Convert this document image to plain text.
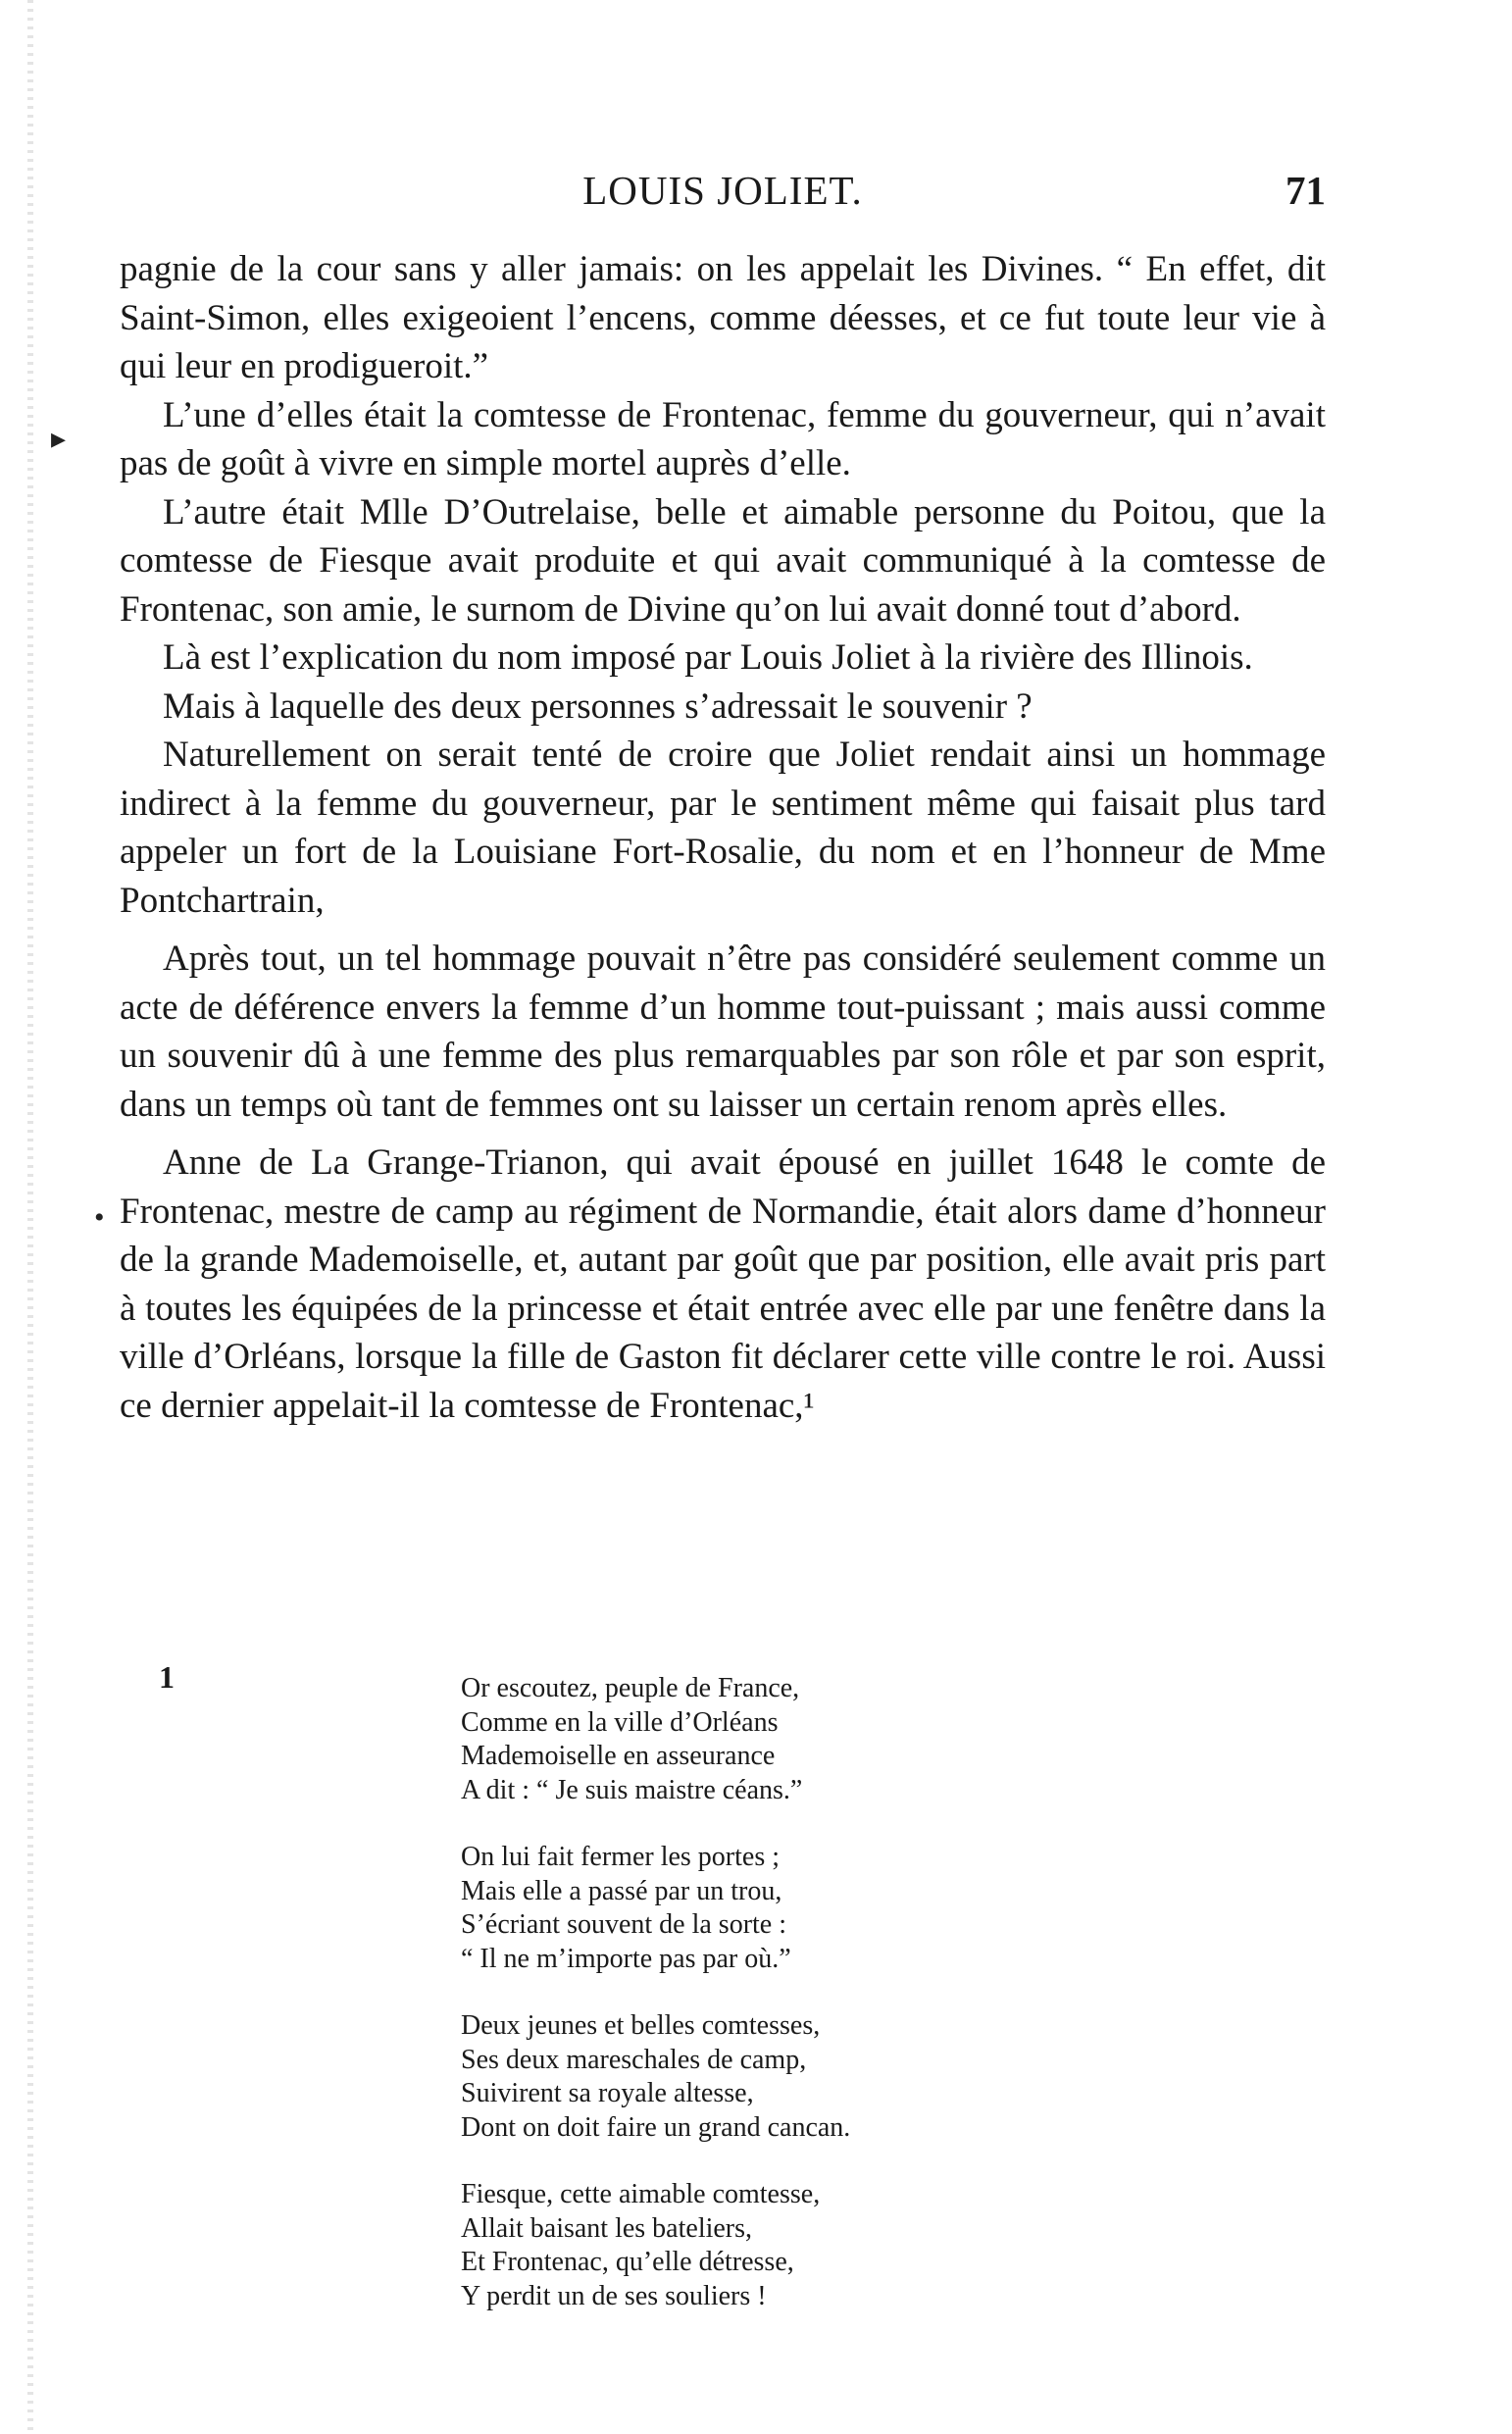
LOUIS JOLIET.	71

pagnie de la cour sans y aller jamais: on les appelait les Divines. “ En effet, dit Saint-Simon, elles exigeoient l’encens, comme déesses, et ce fut toute leur vie à qui leur en prodigueroit.”

L’une d’elles était la comtesse de Frontenac, femme du gouverneur, qui n’avait pas de goût à vivre en simple mortel auprès d’elle.

L’autre était Mlle D’Outrelaise, belle et aimable personne du Poitou, que la comtesse de Fiesque avait produite et qui avait communiqué à la comtesse de Frontenac, son amie, le surnom de Divine qu’on lui avait donné tout d’abord.

Là est l’explication du nom imposé par Louis Joliet à la rivière des Illinois.

Mais à laquelle des deux personnes s’adressait le souvenir ?

Naturellement on serait tenté de croire que Joliet rendait ainsi un hommage indirect à la femme du gouverneur, par le sentiment même qui faisait plus tard appeler un fort de la Louisiane Fort-Rosalie, du nom et en l’honneur de Mme Pontchartrain,

Après tout, un tel hommage pouvait n’être pas considéré seulement comme un acte de déférence envers la femme d’un homme tout-puissant ; mais aussi comme un souvenir dû à une femme des plus remarquables par son rôle et par son esprit, dans un temps où tant de femmes ont su laisser un certain renom après elles.

Anne de La Grange-Trianon, qui avait épousé en juillet 1648 le comte de Frontenac, mestre de camp au régiment de Normandie, était alors dame d’honneur de la grande Mademoiselle, et, autant par goût que par position, elle avait pris part à toutes les équipées de la princesse et était entrée avec elle par une fenêtre dans la ville d’Orléans, lorsque la fille de Gaston fit déclarer cette ville contre le roi. Aussi ce dernier appelait-il la comtesse de Frontenac,¹

1	Or escoutez, peuple de France,
Comme en la ville d’Orléans
Mademoiselle en asseurance
A dit : “ Je suis maistre céans.”
On lui fait fermer les portes ;
Mais elle a passé par un trou,
S’écriant souvent de la sorte :
“ Il ne m’importe pas par où.”
Deux jeunes et belles comtesses,
Ses deux mareschales de camp,
Suivirent sa royale altesse,
Dont on doit faire un grand cancan.
Fiesque, cette aimable comtesse,
Allait baisant les bateliers,
Et Frontenac, qu’elle détresse,
Y perdit un de ses souliers !
▸
•
